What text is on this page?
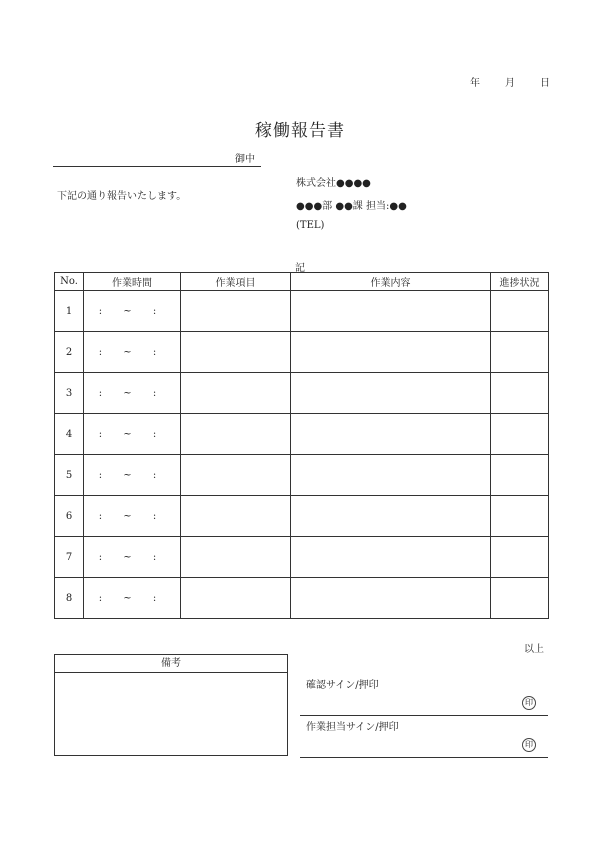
年	月	日
稼働報告書
御中
下記の通り報告いたします。
株式会社●●●●
●●●部 ●●課 担当:●●
(TEL)
記
No.	作業時間	作業項目	作業内容	進捗状況
1	: ~ :			
2	: ~ :			
3	: ~ :			
4	: ~ :			
5	: ~ :			
6	: ~ :			
7	: ~ :			
8	: ~ :			
以上
備考
確認サイン/押印
印
作業担当サイン/押印
印
